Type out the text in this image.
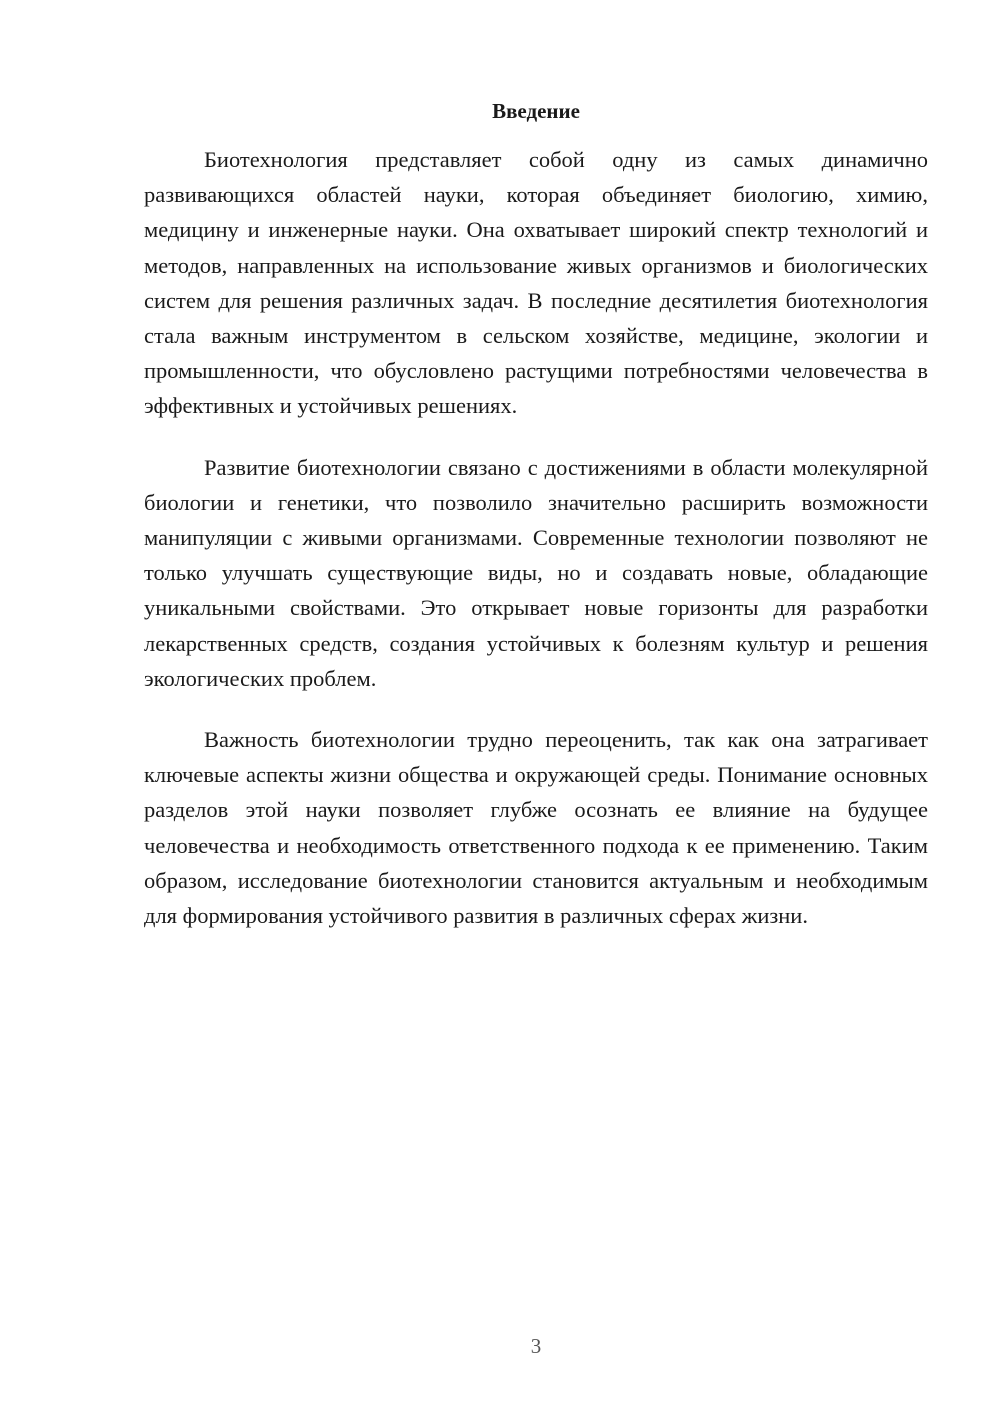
Введение

Биотехнология представляет собой одну из самых динамично развивающихся областей науки, которая объединяет биологию, химию, медицину и инженерные науки. Она охватывает широкий спектр технологий и методов, направленных на использование живых организмов и биологических систем для решения различных задач. В последние десятилетия биотехнология стала важным инструментом в сельском хозяйстве, медицине, экологии и промышленности, что обусловлено растущими потребностями человечества в эффективных и устойчивых решениях.

Развитие биотехнологии связано с достижениями в области молекулярной биологии и генетики, что позволило значительно расширить возможности манипуляции с живыми организмами. Современные технологии позволяют не только улучшать существующие виды, но и создавать новые, обладающие уникальными свойствами. Это открывает новые горизонты для разработки лекарственных средств, создания устойчивых к болезням культур и решения экологических проблем.

Важность биотехнологии трудно переоценить, так как она затрагивает ключевые аспекты жизни общества и окружающей среды. Понимание основных разделов этой науки позволяет глубже осознать ее влияние на будущее человечества и необходимость ответственного подхода к ее применению. Таким образом, исследование биотехнологии становится актуальным и необходимым для формирования устойчивого развития в различных сферах жизни.

3
